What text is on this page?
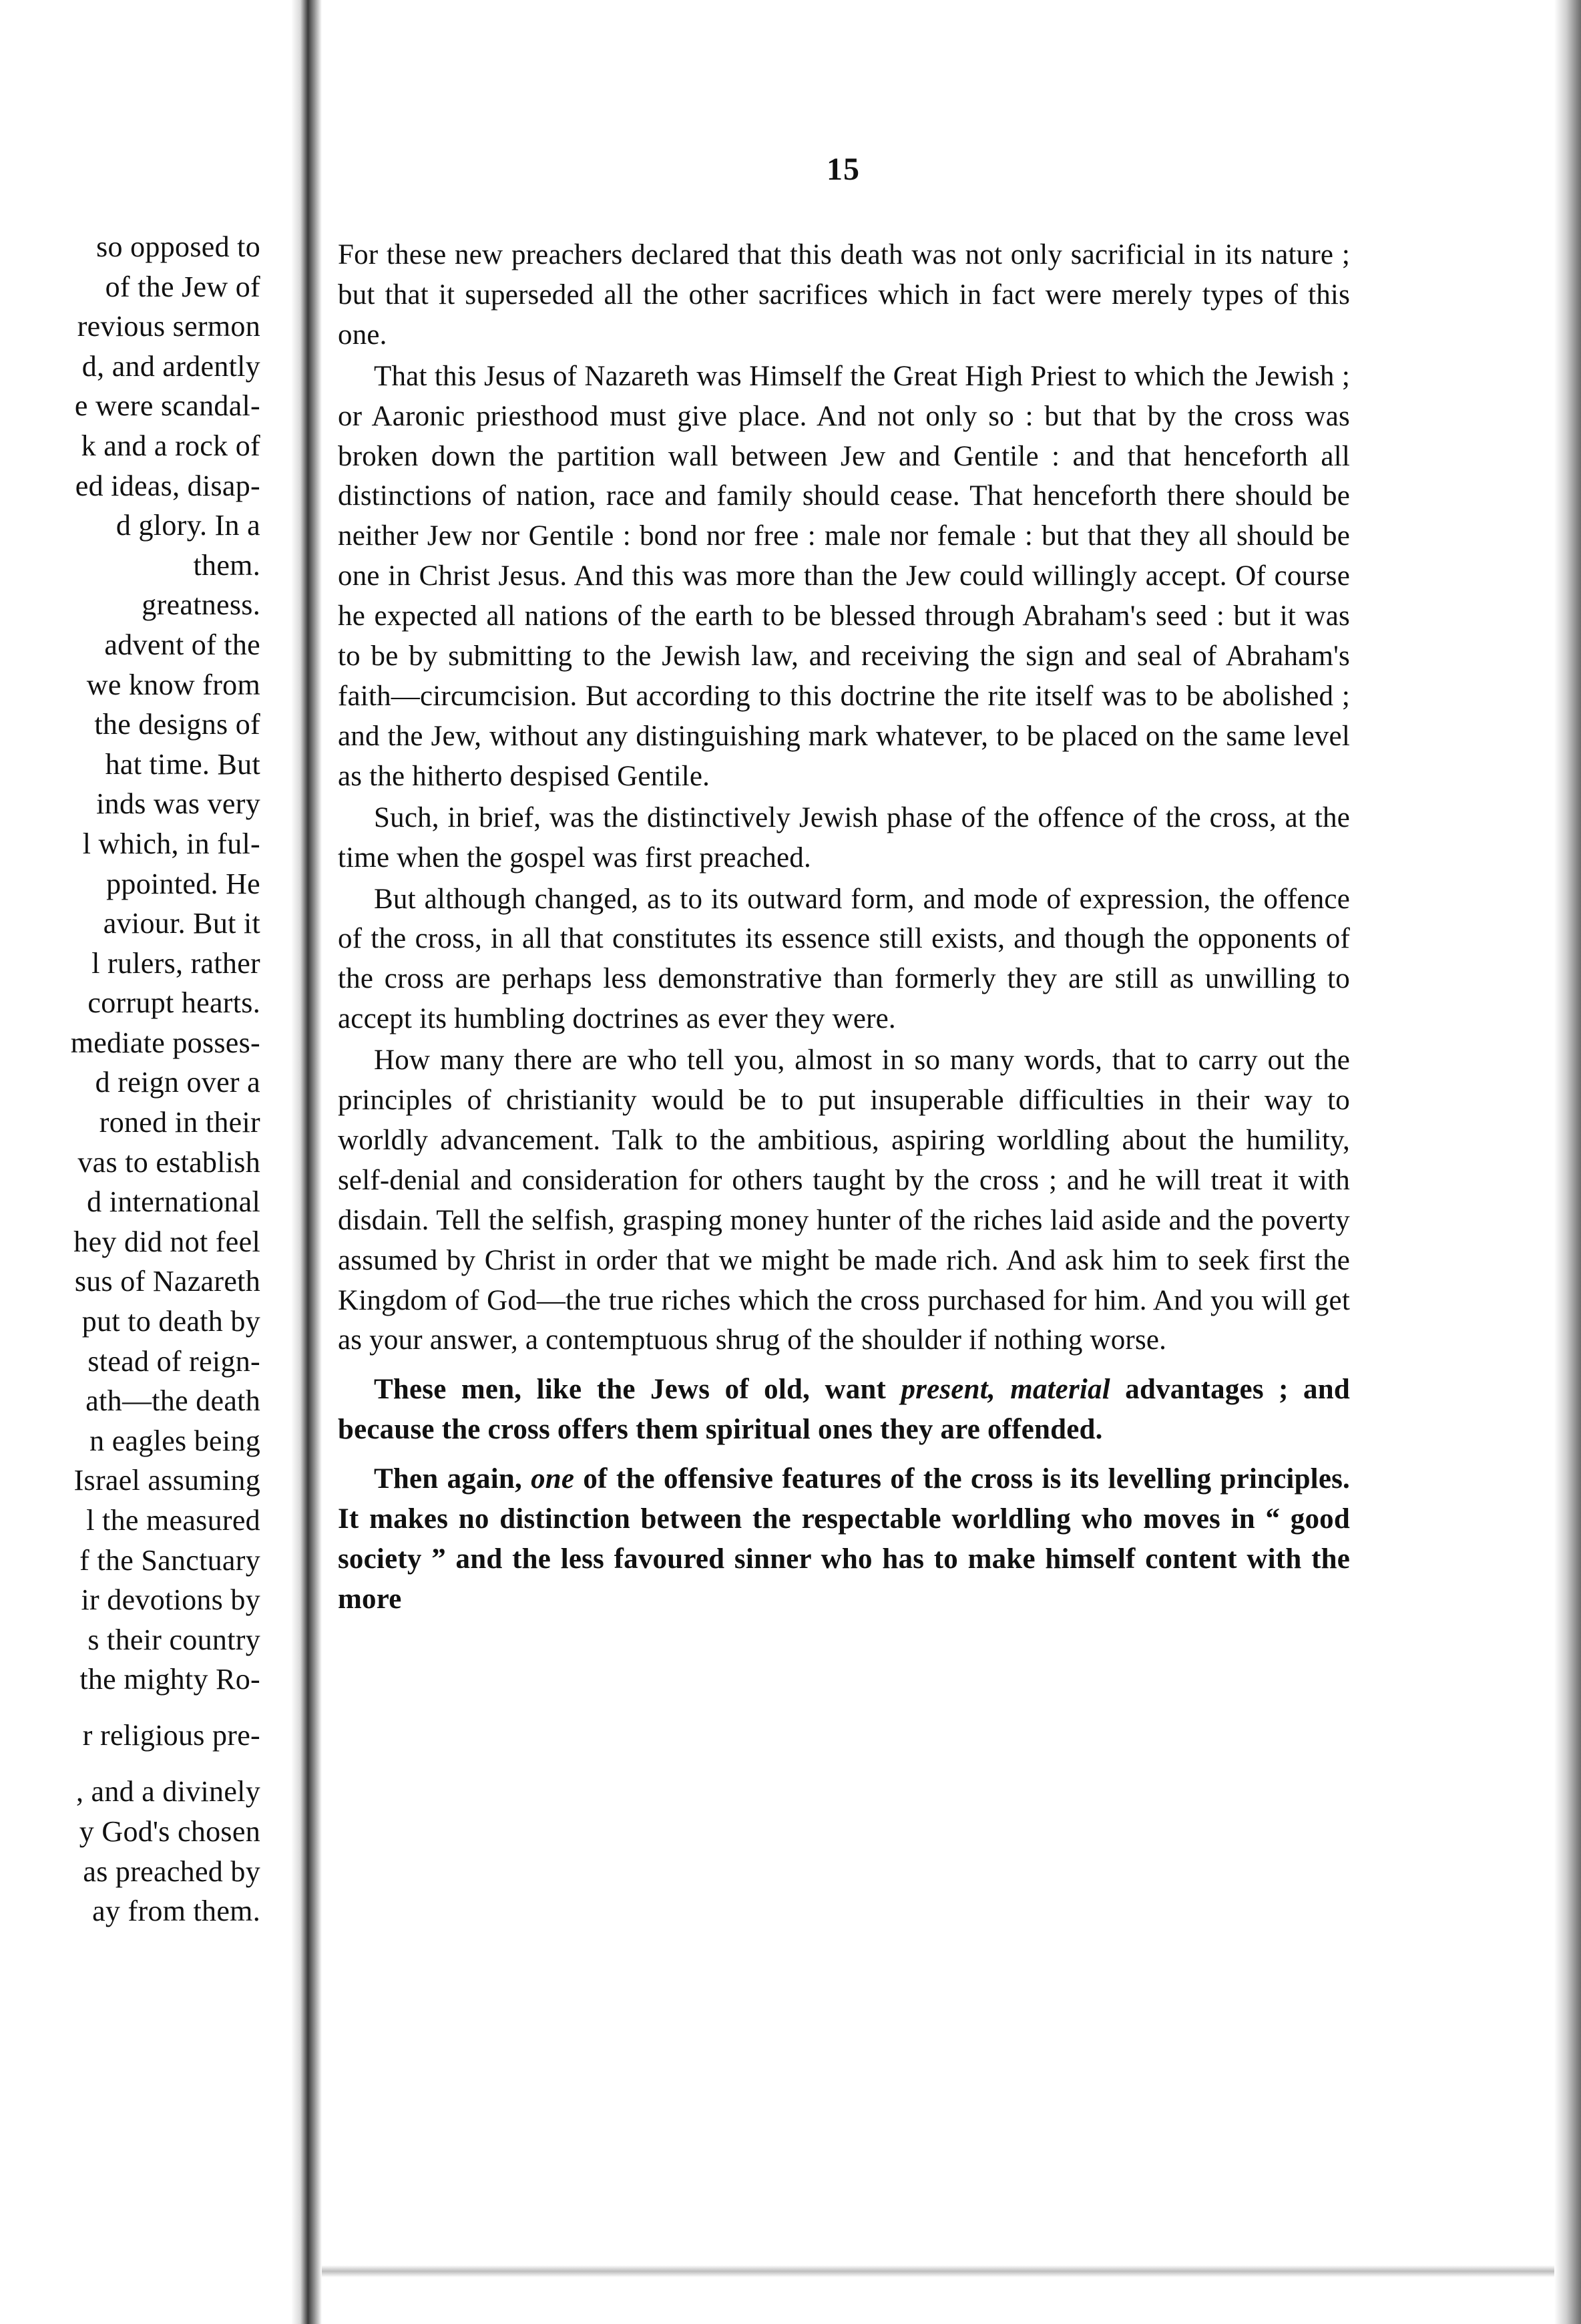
so opposed to
of the Jew of
revious sermon
d, and ardently
e were scandal-
k and a rock of
ed ideas, disap-
d glory. In a
them.
greatness.
advent of the
we know from
the designs of
hat time. But
inds was very
l which, in ful-
ppointed. He
aviour. But it
l rulers, rather
corrupt hearts.
mediate posses-
d reign over a
roned in their
vas to establish
d international
hey did not feel
sus of Nazareth
put to death by
stead of reign-
ath—the death
n eagles being
Israel assuming
l the measured
f the Sanctuary
ir devotions by
s their country
the mighty Ro-
r religious pre-
, and a divinely
y God's chosen
as preached by
ay from them.
15

For these new preachers declared that this death was not only sacrificial in its nature ; but that it superseded all the other sacrifices which in fact were merely types of this one.

That this Jesus of Nazareth was Himself the Great High Priest to which the Jewish ; or Aaronic priesthood must give place. And not only so : but that by the cross was broken down the partition wall between Jew and Gentile : and that henceforth all distinctions of nation, race and family should cease. That henceforth there should be neither Jew nor Gentile : bond nor free : male nor female : but that they all should be one in Christ Jesus. And this was more than the Jew could willingly accept. Of course he expected all nations of the earth to be blessed through Abraham's seed : but it was to be by submitting to the Jewish law, and receiving the sign and seal of Abraham's faith—circumcision. But according to this doctrine the rite itself was to be abolished ; and the Jew, without any distinguishing mark whatever, to be placed on the same level as the hitherto despised Gentile.

Such, in brief, was the distinctively Jewish phase of the offence of the cross, at the time when the gospel was first preached.

But although changed, as to its outward form, and mode of expression, the offence of the cross, in all that constitutes its essence still exists, and though the opponents of the cross are perhaps less demonstrative than formerly they are still as unwilling to accept its humbling doctrines as ever they were.

How many there are who tell you, almost in so many words, that to carry out the principles of christianity would be to put insuperable difficulties in their way to worldly advancement. Talk to the ambitious, aspiring worldling about the humility, self-denial and consideration for others taught by the cross ; and he will treat it with disdain. Tell the selfish, grasping money hunter of the riches laid aside and the poverty assumed by Christ in order that we might be made rich. And ask him to seek first the Kingdom of God—the true riches which the cross purchased for him. And you will get as your answer, a contemptuous shrug of the shoulder if nothing worse.

These men, like the Jews of old, want present, material advantages ; and because the cross offers them spiritual ones they are offended.

Then again, one of the offensive features of the cross is its levelling principles. It makes no distinction between the respectable worldling who moves in “ good society ” and the less favoured sinner who has to make himself content with the more
